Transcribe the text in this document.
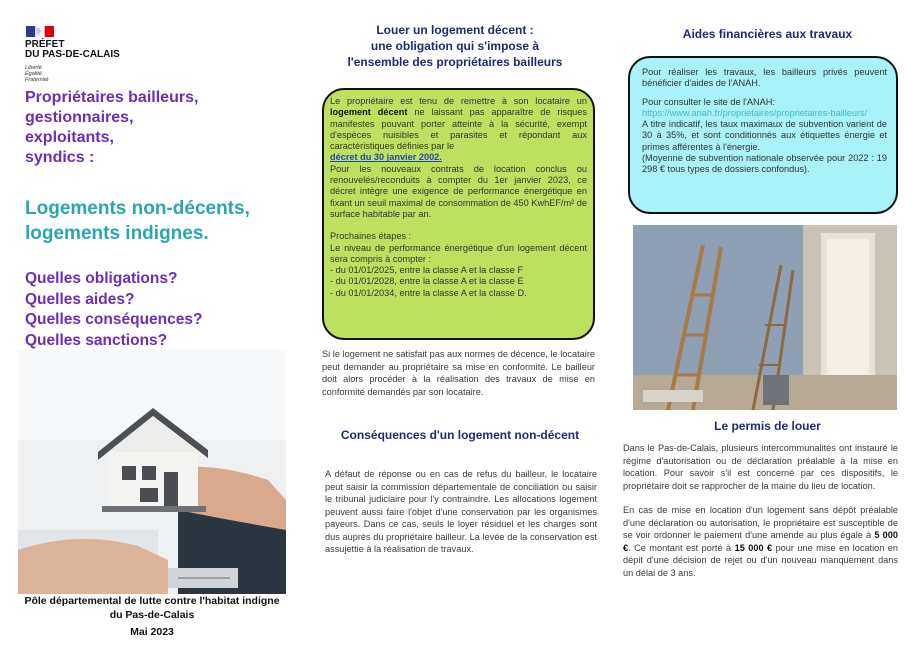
PRÉFET
DU PAS-DE-CALAIS
Liberté
Égalité
Fraternité
Propriétaires bailleurs,
gestionnaires,
exploitants,
syndics :
Logements non-décents,
logements indignes.
Quelles obligations?
Quelles aides?
Quelles conséquences?
Quelles sanctions?
Pôle départemental de lutte contre l'habitat indigne
du Pas-de-Calais
Mai 2023
Louer un logement décent :
une obligation qui s'impose à
l'ensemble des propriétaires bailleurs

Le propriétaire est tenu de remettre à son locataire un logement décent ne laissant pas apparaître de risques manifestes pouvant porter atteinte à la sécurité, exempt d'espèces nuisibles et parasites et répondant aux caractéristiques définies par le
décret du 30 janvier 2002.

Pour les nouveaux contrats de location conclus ou renouvelés/reconduits à compter du 1er janvier 2023, ce décret intègre une exigence de performance énergétique en fixant un seuil maximal de consommation de 450 KwhEF/m² de surface habitable par an.

Prochaines étapes :

Le niveau de performance énergétique d'un logement décent sera compris à compter :

- du 01/01/2025, entre la classe A et la classe F

- du 01/01/2028, entre la classe A et la classe E

- du 01/01/2034, entre la classe A et la classe D.

Si le logement ne satisfait pas aux normes de décence, le locataire peut demander au propriétaire sa mise en conformité. Le bailleur doit alors procéder à la réalisation des travaux de mise en conformité demandés par son locataire.
Conséquences d'un logement non-décent
A défaut de réponse ou en cas de refus du bailleur, le locataire peut saisir la commission départementale de conciliation ou saisir le tribunal judiciaire pour l'y contraindre. Les allocations logement peuvent aussi faire l'objet d'une conservation par les organismes payeurs. Dans ce cas, seuls le loyer résiduel et les charges sont dus auprès du propriétaire bailleur. La levée de la conservation est assujettie à la réalisation de travaux.
Aides financières aux travaux

Pour réaliser les travaux, les bailleurs privés peuvent bénéficier d'aides de l'ANAH.

Pour consulter le site de l'ANAH:

https://www.anah.fr/proprietaires/proprietaires-bailleurs/

A titre indicatif, les taux maximaux de subvention varient de 30 à 35%, et sont conditionnés aux étiquettes énergie et primes afférentes à l'énergie.

(Moyenne de subvention nationale observée pour 2022 : 19 298 € tous types de dossiers confondus).

Le permis de louer

Dans le Pas-de-Calais, plusieurs intercommunalités ont instauré le régime d'autorisation ou de déclaration préalable à la mise en location. Pour savoir s'il est concerné par ces dispositifs, le propriétaire doit se rapprocher de la mairie du lieu de location.

En cas de mise en location d'un logement sans dépôt préalable d'une déclaration ou autorisation, le propriétaire est susceptible de se voir ordonner le paiement d'une amende au plus égale à 5 000 €. Ce montant est porté à 15 000 € pour une mise en location en dépit d'une décision de rejet ou d'un nouveau manquement dans un délai de 3 ans.
